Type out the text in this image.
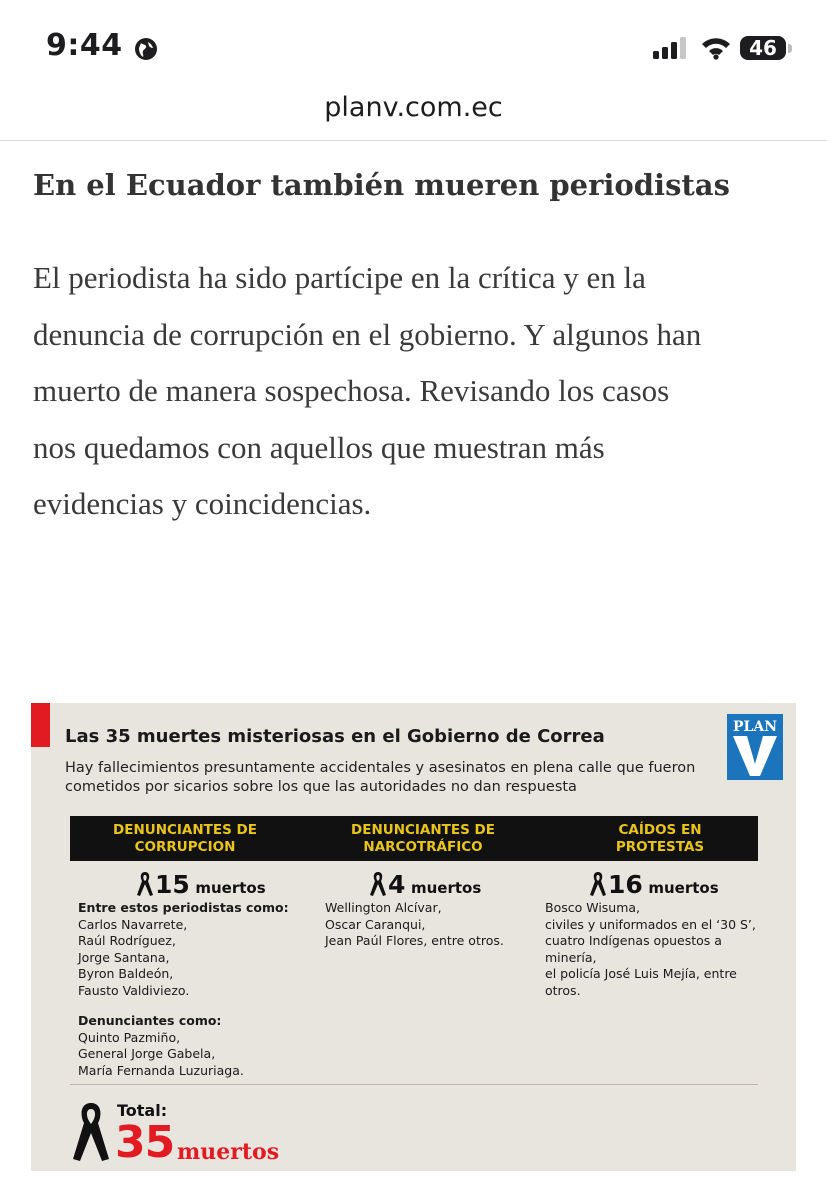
9:44	46
planv.com.ec
En el Ecuador también mueren periodistas
El periodista ha sido partícipe en la crítica y en la
denuncia de corrupción en el gobierno. Y algunos han
muerto de manera sospechosa. Revisando los casos
nos quedamos con aquellos que muestran más
evidencias y coincidencias.
Las 35 muertes misteriosas en el Gobierno de Correa
Hay fallecimientos presuntamente accidentales y asesinatos en plena calle que fueron
cometidos por sicarios sobre los que las autoridades no dan respuesta
PLAN
DENUNCIANTES DE
CORRUPCION
DENUNCIANTES DE
NARCOTRÁFICO
CAÍDOS EN
PROTESTAS
15 muertos
Entre estos periodistas como:
Carlos Navarrete,
Raúl Rodríguez,
Jorge Santana,
Byron Baldeón,
Fausto Valdiviezo.
Denunciantes como:
Quinto Pazmiño,
General Jorge Gabela,
María Fernanda Luzuriaga.
4 muertos
Wellington Alcívar,
Oscar Caranqui,
Jean Paúl Flores, entre otros.
16 muertos
Bosco Wisuma,
civiles y uniformados en el ‘30 S’,
cuatro Indígenas opuestos a
minería,
el policía José Luis Mejía, entre
otros.
Total:
35 muertos
